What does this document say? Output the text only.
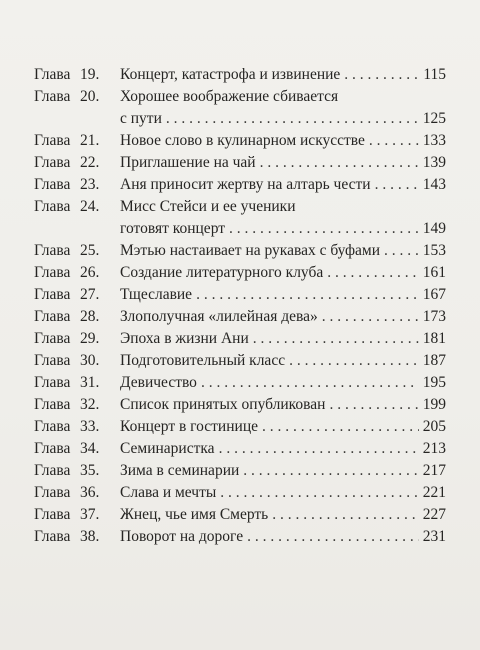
Глава 19.	Концерт, катастрофа и извинение . . .	115
Глава 20.	Хорошее воображение сбивается
с пути . . .	125
Глава 21.	Новое слово в кулинарном искусстве . . .	133
Глава 22.	Приглашение на чай . . .	139
Глава 23.	Аня приносит жертву на алтарь чести . . .	143
Глава 24.	Мисс Стейси и ее ученики
готовят концерт . . .	149
Глава 25.	Мэтью настаивает на рукавах с буфами . . .	153
Глава 26.	Создание литературного клуба . . .	161
Глава 27.	Тщеславие . . .	167
Глава 28.	Злополучная «лилейная дева» . . .	173
Глава 29.	Эпоха в жизни Ани . . .	181
Глава 30.	Подготовительный класс . . .	187
Глава 31.	Девичество . . .	195
Глава 32.	Список принятых опубликован . . .	199
Глава 33.	Концерт в гостинице . . .	205
Глава 34.	Семинаристка . . .	213
Глава 35.	Зима в семинарии . . .	217
Глава 36.	Слава и мечты . . .	221
Глава 37.	Жнец, чье имя Смерть . . .	227
Глава 38.	Поворот на дороге . . .	231
